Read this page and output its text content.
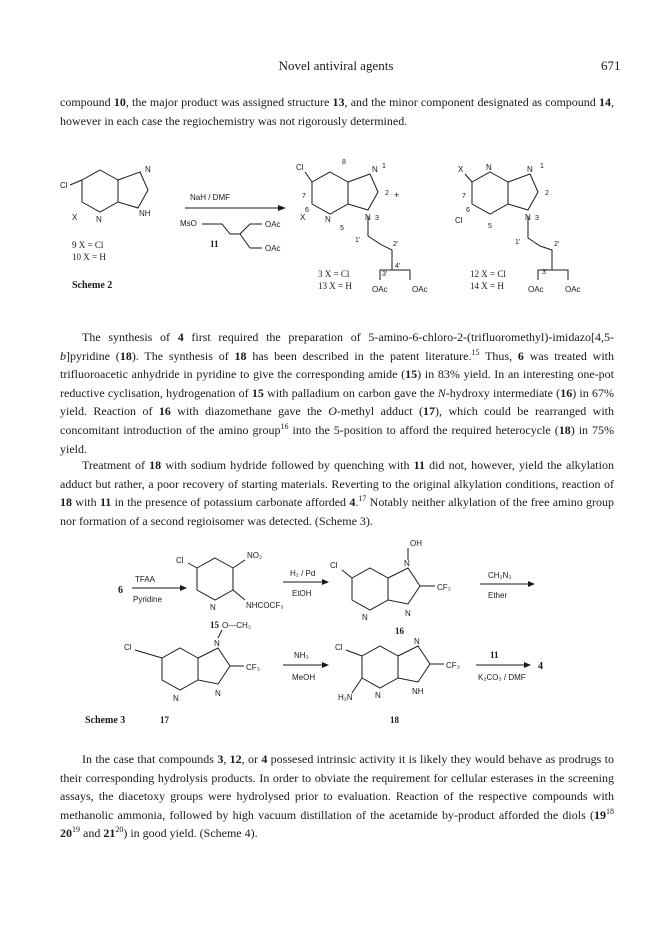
Novel antiviral agents	671

compound 10, the major product was assigned structure 13, and the minor component designated as compound 14, however in each case the regiochemistry was not rigorously determined.

Cl
X N
N
NH
9 X = Cl
10 X = H
Scheme 2
NaH / DMF
MsO	OAc
OAc
11
Cl
X N
N
N
8
7
6
5
1
2
3
+
1'
2'
4'
3'
3 X = Cl
13 X = H	OAc	OAc
X	N	N
Cl	N
7
6
5
1
2
3
1'	2'
3'
12 X = Cl
14 X = H	OAc	OAc

The synthesis of 4 first required the preparation of 5-amino-6-chloro-2-(trifluoromethyl)-imidazo[4,5-b]pyridine (18). The synthesis of 18 has been described in the patent literature.$^{15}$ Thus, 6 was treated with trifluoroacetic anhydride in pyridine to give the corresponding amide (15) in 83% yield. In an interesting one-pot reductive cyclisation, hydrogenation of 15 with palladium on carbon gave the N-hydroxy intermediate (16) in 67% yield. Reaction of 16 with diazomethane gave the O-methyl adduct (17), which could be rearranged with concomitant introduction of the amino group$^{16}$ into the 5-position to afford the required heterocycle (18) in 75% yield.

Treatment of 18 with sodium hydride followed by quenching with 11 did not, however, yield the alkylation adduct but rather, a poor recovery of starting materials. Reverting to the original alkylation conditions, reaction of 18 with 11 in the presence of potassium carbonate afforded 4.17 Notably neither alkylation of the free amino group nor formation of a second regioisomer was detected. (Scheme 3).

6
TFAA
Pyridine
Cl
NO₂
NHCOCF₃
N
15
H₂ / Pd
EtOH
Cl
N
N
N
OH
CF₃
16
CH₂N₂
Ether
Cl
N
N
N
O—CH₃
CF₃
17
Scheme 3
NH₃
MeOH
Cl
H₂N	N
N
NH
CF₃
18
11
K₂CO₃ / DMF
4

In the case that compounds 3, 12, or 4 possesed intrinsic activity it is likely they would behave as prodrugs to their corresponding hydrolysis products. In order to obviate the requirement for cellular esterases in the screening assays, the diacetoxy groups were hydrolysed prior to evaluation. Reaction of the respective compounds with methanolic ammonia, followed by high vacuum distillation of the acetamide by-product afforded the diols ($19^{18}$ $20^{19}$ and $21^{20}$) in good yield. (Scheme 4).
